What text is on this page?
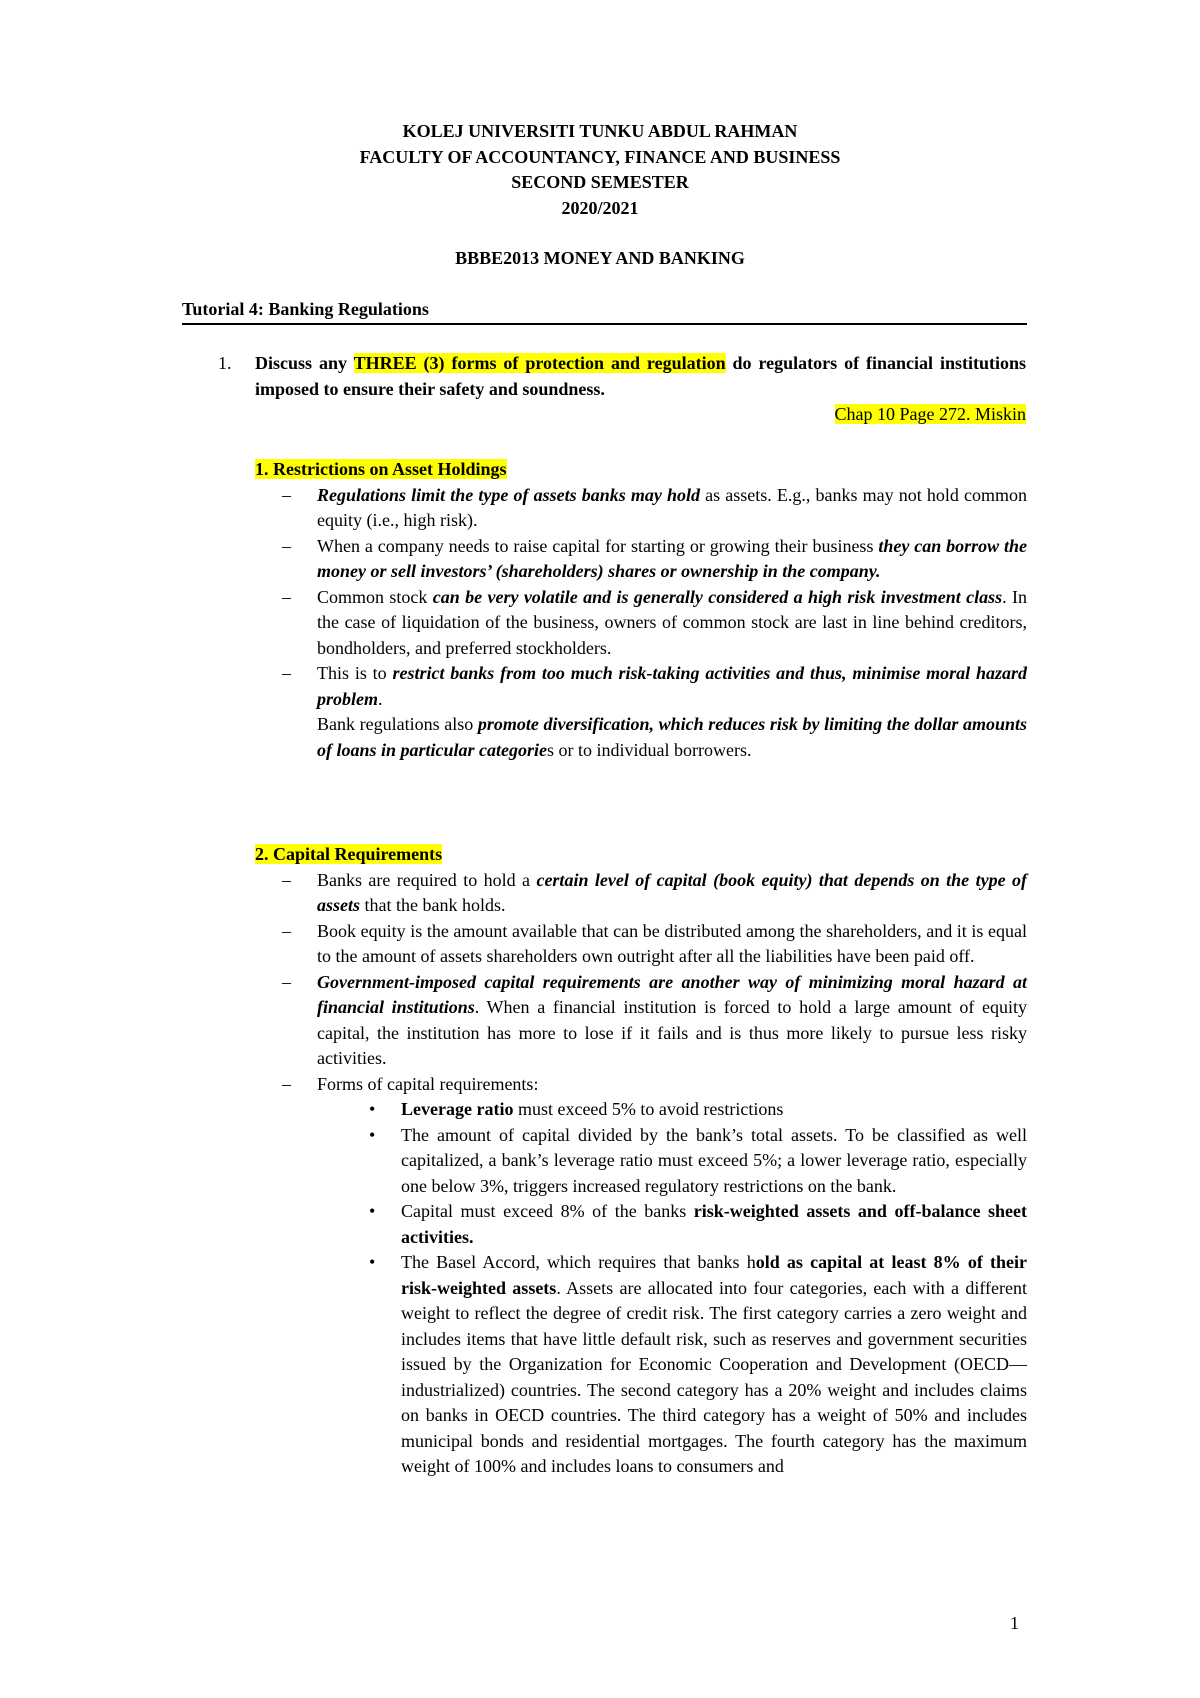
KOLEJ UNIVERSITI TUNKU ABDUL RAHMAN
FACULTY OF ACCOUNTANCY, FINANCE AND BUSINESS
SECOND SEMESTER
2020/2021
BBBE2013 MONEY AND BANKING
Tutorial 4: Banking Regulations
1. Discuss any THREE (3) forms of protection and regulation do regulators of financial institutions imposed to ensure their safety and soundness.
Chap 10 Page 272. Miskin
1. Restrictions on Asset Holdings
– Regulations limit the type of assets banks may hold as assets. E.g., banks may not hold common equity (i.e., high risk).
– When a company needs to raise capital for starting or growing their business they can borrow the money or sell investors’ (shareholders) shares or ownership in the company.
– Common stock can be very volatile and is generally considered a high risk investment class. In the case of liquidation of the business, owners of common stock are last in line behind creditors, bondholders, and preferred stockholders.
– This is to restrict banks from too much risk-taking activities and thus, minimise moral hazard problem.
Bank regulations also promote diversification, which reduces risk by limiting the dollar amounts of loans in particular categories or to individual borrowers.
2. Capital Requirements
– Banks are required to hold a certain level of capital (book equity) that depends on the type of assets that the bank holds.
– Book equity is the amount available that can be distributed among the shareholders, and it is equal to the amount of assets shareholders own outright after all the liabilities have been paid off.
– Government-imposed capital requirements are another way of minimizing moral hazard at financial institutions. When a financial institution is forced to hold a large amount of equity capital, the institution has more to lose if it fails and is thus more likely to pursue less risky activities.
– Forms of capital requirements:
• Leverage ratio must exceed 5% to avoid restrictions
• The amount of capital divided by the bank’s total assets. To be classified as well capitalized, a bank’s leverage ratio must exceed 5%; a lower leverage ratio, especially one below 3%, triggers increased regulatory restrictions on the bank.
• Capital must exceed 8% of the banks risk-weighted assets and off-balance sheet activities.
• The Basel Accord, which requires that banks hold as capital at least 8% of their risk-weighted assets. Assets are allocated into four categories, each with a different weight to reflect the degree of credit risk. The first category carries a zero weight and includes items that have little default risk, such as reserves and government securities issued by the Organization for Economic Cooperation and Development (OECD—industrialized) countries. The second category has a 20% weight and includes claims on banks in OECD countries. The third category has a weight of 50% and includes municipal bonds and residential mortgages. The fourth category has the maximum weight of 100% and includes loans to consumers and
1
